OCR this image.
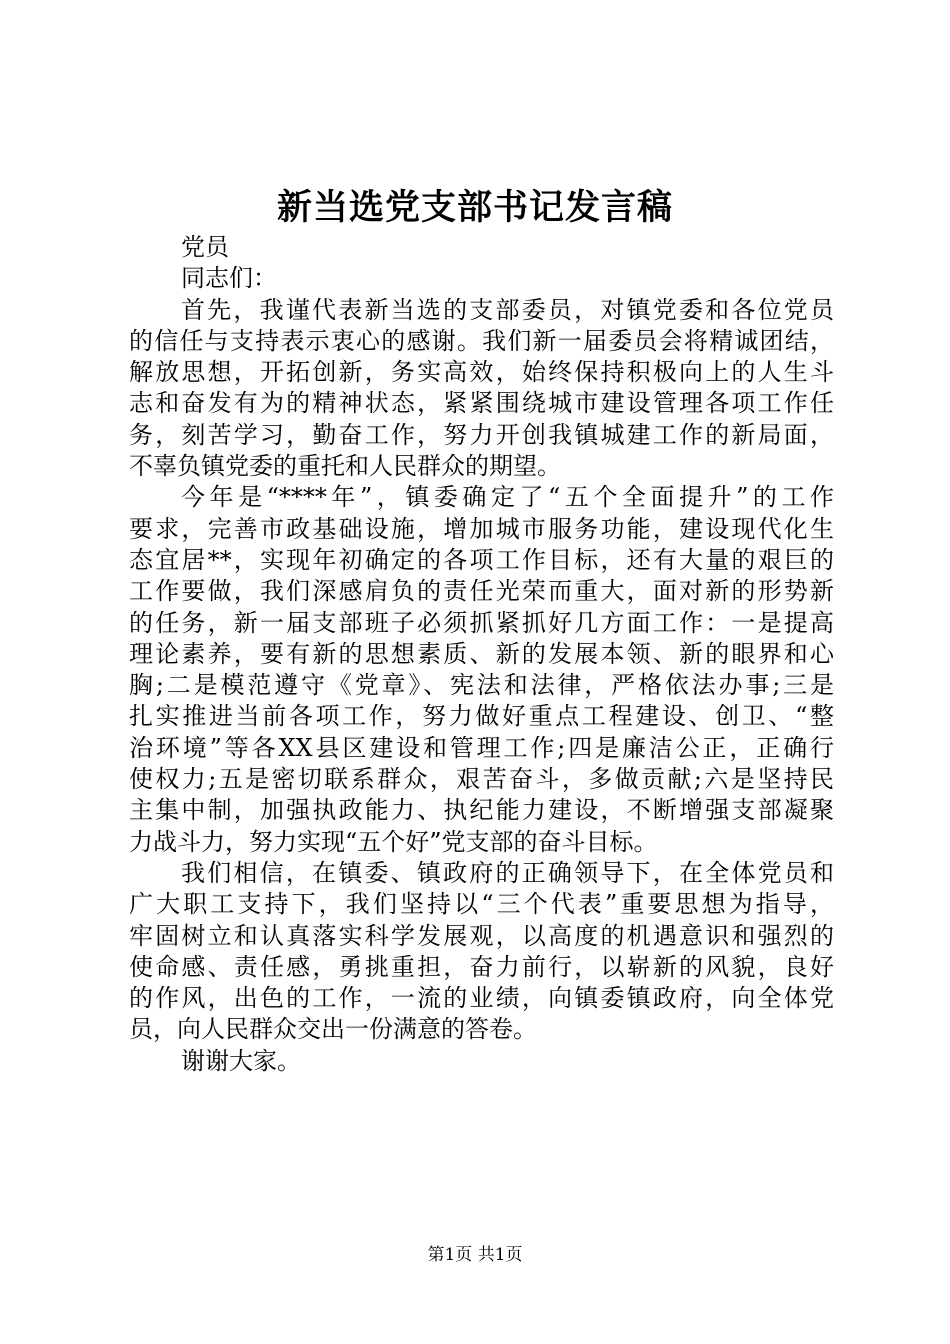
新当选党支部书记发言稿
党员
同志们：
首先，我谨代表新当选的支部委员，对镇党委和各位党员
的信任与支持表示衷心的感谢。我们新一届委员会将精诚团结，
解放思想，开拓创新，务实高效，始终保持积极向上的人生斗
志和奋发有为的精神状态，紧紧围绕城市建设管理各项工作任
务，刻苦学习，勤奋工作，努力开创我镇城建工作的新局面，
不辜负镇党委的重托和人民群众的期望。
今年是“****年”，镇委确定了“五个全面提升”的工作
要求，完善市政基础设施，增加城市服务功能，建设现代化生
态宜居**，实现年初确定的各项工作目标，还有大量的艰巨的
工作要做，我们深感肩负的责任光荣而重大，面对新的形势新
的任务，新一届支部班子必须抓紧抓好几方面工作：一是提高
理论素养，要有新的思想素质、新的发展本领、新的眼界和心
胸;二是模范遵守《党章》、宪法和法律，严格依法办事;三是
扎实推进当前各项工作，努力做好重点工程建设、创卫、“整
治环境”等各XX县区建设和管理工作;四是廉洁公正，正确行
使权力;五是密切联系群众，艰苦奋斗，多做贡献;六是坚持民
主集中制，加强执政能力、执纪能力建设，不断增强支部凝聚
力战斗力，努力实现“五个好”党支部的奋斗目标。
我们相信，在镇委、镇政府的正确领导下，在全体党员和
广大职工支持下，我们坚持以“三个代表”重要思想为指导，
牢固树立和认真落实科学发展观，以高度的机遇意识和强烈的
使命感、责任感，勇挑重担，奋力前行，以崭新的风貌，良好
的作风，出色的工作，一流的业绩，向镇委镇政府，向全体党
员，向人民群众交出一份满意的答卷。
谢谢大家。
第1页 共1页
